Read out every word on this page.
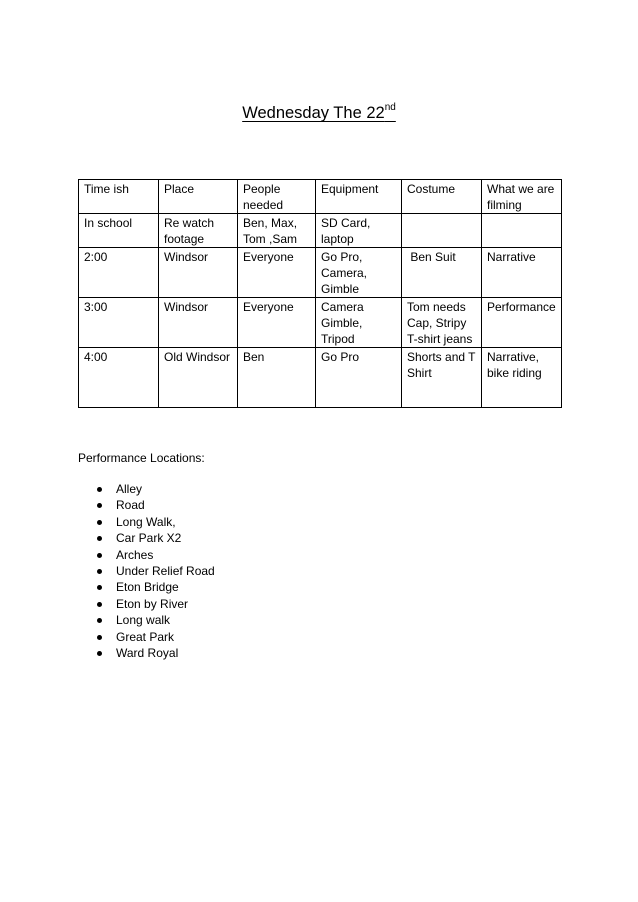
Wednesday The 22nd
Time ish	Place	People needed	Equipment	Costume	What we are filming
In school	Re watch footage	Ben, Max, Tom ,Sam	SD Card, laptop		
2:00	Windsor	Everyone	Go Pro, Camera, Gimble	Ben Suit	Narrative
3:00	Windsor	Everyone	Camera Gimble, Tripod	Tom needs Cap, Stripy T-shirt jeans	Performance
4:00	Old Windsor	Ben	Go Pro	Shorts and T Shirt	Narrative, bike riding
Performance Locations:
Alley
Road
Long Walk,
Car Park X2
Arches
Under Relief Road
Eton Bridge
Eton by River
Long walk
Great Park
Ward Royal
